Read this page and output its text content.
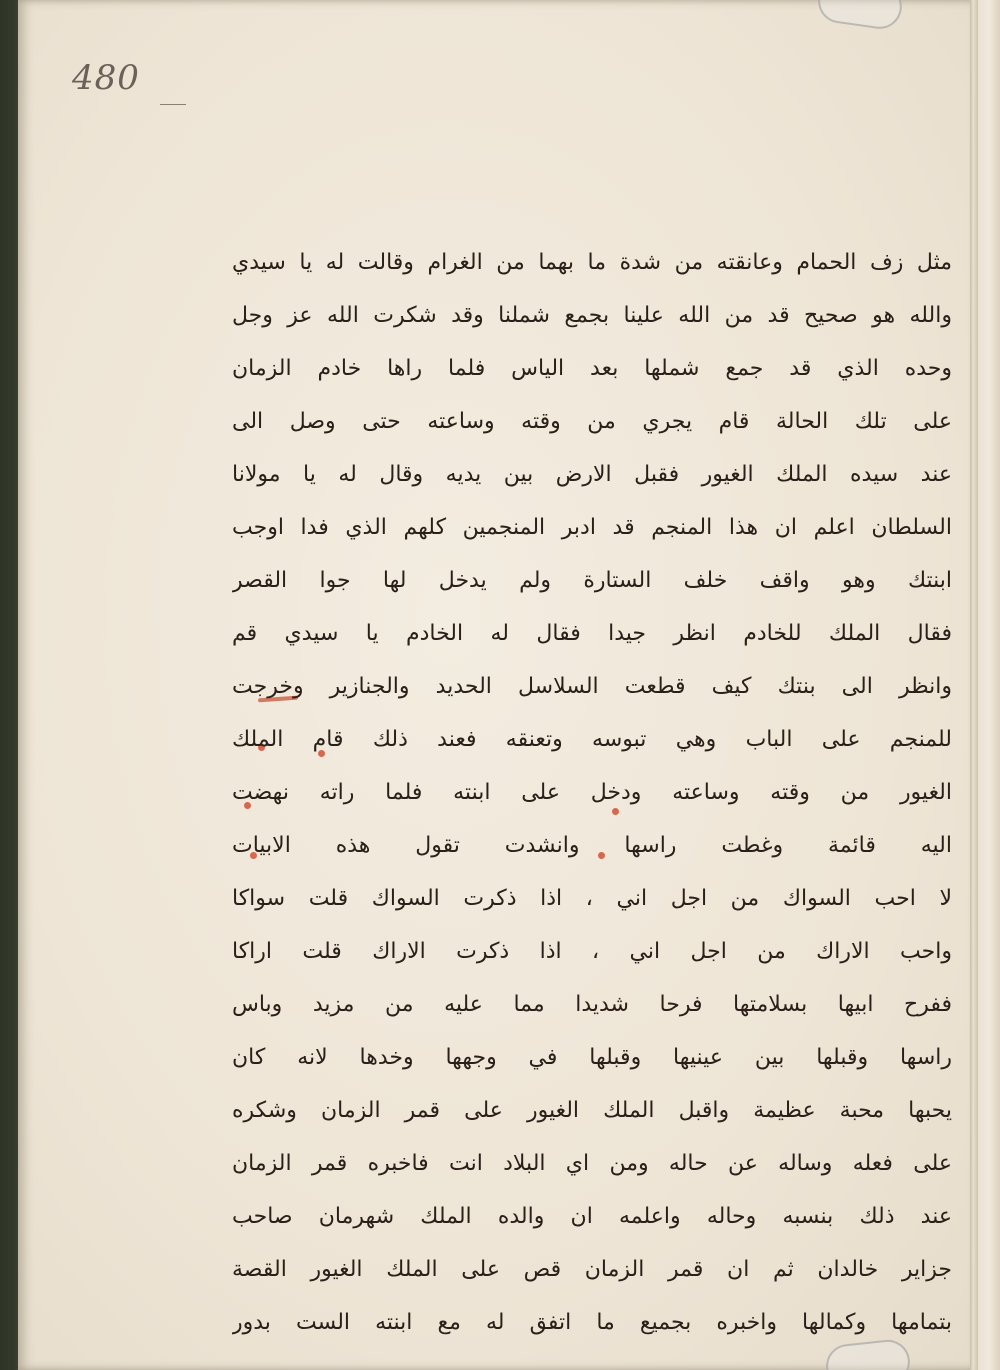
480

مثل زف الحمام وعانقته من شدة ما بهما من الغرام وقالت له يا سيدي
والله هو صحيح قد من الله علينا بجمع شملنا وقد شكرت الله عز وجل
وحده الذي قد جمع شملها بعد الياس فلما راها خادم الزمان
على تلك الحالة قام يجري من وقته وساعته حتى وصل الى
عند سيده الملك الغيور فقبل الارض بين يديه وقال له يا مولانا
السلطان اعلم ان هذا المنجم قد ادبر المنجمين كلهم الذي فدا اوجب
ابنتك وهو واقف خلف الستارة ولم يدخل لها جوا القصر
فقال الملك للخادم انظر جيدا فقال له الخادم يا سيدي قم
وانظر الى بنتك كيف قطعت السلاسل الحديد والجنازير وخرجت
للمنجم على الباب وهي تبوسه وتعنقه فعند ذلك قام الملك
الغيور من وقته وساعته ودخل على ابنته فلما راته نهضت
اليه قائمة وغطت راسها وانشدت تقول هذه الابيات
لا احب السواك من اجل اني ، اذا ذكرت السواك قلت سواكا
واحب الاراك من اجل اني ، اذا ذكرت الاراك قلت اراكا
ففرح ابيها بسلامتها فرحا شديدا مما عليه من مزيد وباس
راسها وقبلها بين عينيها وقبلها في وجهها وخدها لانه كان
يحبها محبة عظيمة واقبل الملك الغيور على قمر الزمان وشكره
على فعله وساله عن حاله ومن اي البلاد انت فاخبره قمر الزمان
عند ذلك بنسبه وحاله واعلمه ان والده الملك شهرمان صاحب
جزاير خالدان ثم ان قمر الزمان قص على الملك الغيور القصة
بتمامها وكمالها واخبره بجميع ما اتفق له مع ابنته الست بدور
